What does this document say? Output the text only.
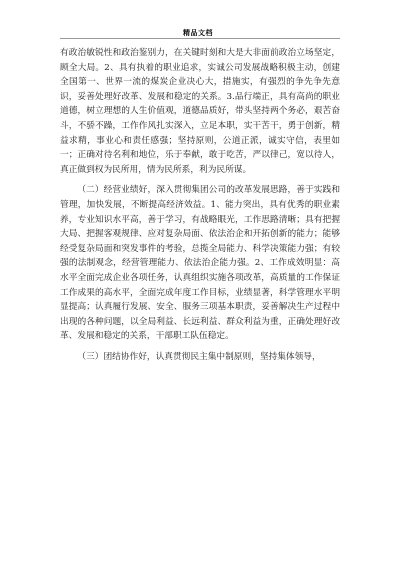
精品文档

有政治敏锐性和政治鉴别力，在关键时刻和大是大非面前政治立场坚定，顾全大局。2、具有执着的职业追求，实诚公司发展战略积极主动，创建全国第一、世界一流的煤炭企业决心大，措施实，有强烈的争先争先意识，妥善处理好改革、发展和稳定的关系。3.品行端正，具有高尚的职业道德，树立理想的人生价值观，道德品质好，带头坚持两个务必，艰苦奋斗，不骄不躁，工作作风扎实深入，立足本职，实干苦干，勇于创新，精益求精，事业心和责任感强；坚持原则，公道正派，诚实守信，表里如一；正确对待名利和地位，乐于奉献，敢于吃苦，严以律己，宽以待人，真正做到权为民所用，情为民所系，利为民所谋。

（二）经营业绩好，深入贯彻集团公司的改革发展思路，善于实践和管理，加快发展，不断提高经济效益。1、能力突出，具有优秀的职业素养，专业知识水平高，善于学习，有战略眼光，工作思路清晰；具有把握大局、把握客观规律、应对复杂局面、依法治企和开拓创新的能力；能够经受复杂局面和突发事件的考验，总揽全局能力、科学决策能力强；有较强的法制观念，经营管理能力、依法治企能力强。2、工作成效明显：高水平全面完成企业各项任务，认真组织实施各项改革，高质量的工作保证工作成果的高水平，全面完成年度工作目标，业绩显著，科学管理水平明显提高；认真履行发展、安全、服务三项基本职责，妥善解决生产过程中出现的各种问题，以全局利益、长远利益、群众利益为重，正确处理好改革、发展和稳定的关系，干部职工队伍稳定。

（三）团结协作好，认真贯彻民主集中制原则，坚持集体领导，
